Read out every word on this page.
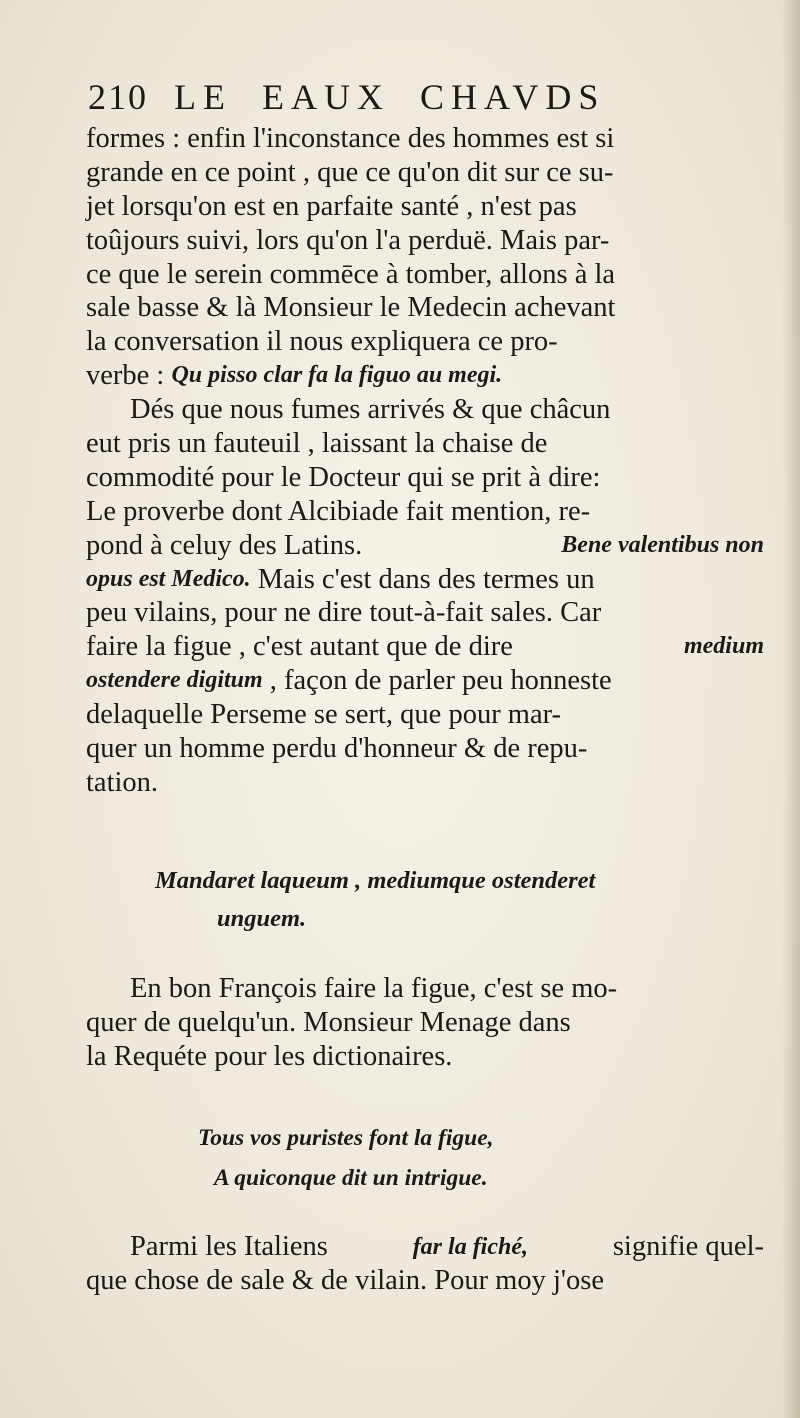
210 LE EAUX CHAVDS
formes : enfin l'inconstance des hommes est si
grande en ce point , que ce qu'on dit sur ce su-
jet lorsqu'on est en parfaite santé , n'est pas
toûjours suivi, lors qu'on l'a perduë. Mais par-
ce que le serein commēce à tomber, allons à la
sale basse & là Monsieur le Medecin achevant
la conversation il nous expliquera ce pro-
verbe : Qu pisso clar fa la figuo au megi.
Dés que nous fumes arrivés & que châcun
eut pris un fauteuil , laissant la chaise de
commodité pour le Docteur qui se prit à dire:
Le proverbe dont Alcibiade fait mention, re-
pond à celuy des Latins.	Bene valentibus non
opus est Medico. Mais c'est dans des termes un
peu vilains, pour ne dire tout-à-fait sales. Car
faire la figue , c'est autant que de dire	medium
ostendere digitum , façon de parler peu honneste
delaquelle Perseme se sert, que pour mar-
quer un homme perdu d'honneur & de repu-
tation.
Mandaret laqueum , mediumque ostenderet
unguem.
En bon François faire la figue, c'est se mo-
quer de quelqu'un. Monsieur Menage dans
la Requéte pour les dictionaires.
Tous vos puristes font la figue,
A quiconque dit un intrigue.
Parmi les Italiens	far la fiché,	signifie quel-
que chose de sale & de vilain. Pour moy j'ose
